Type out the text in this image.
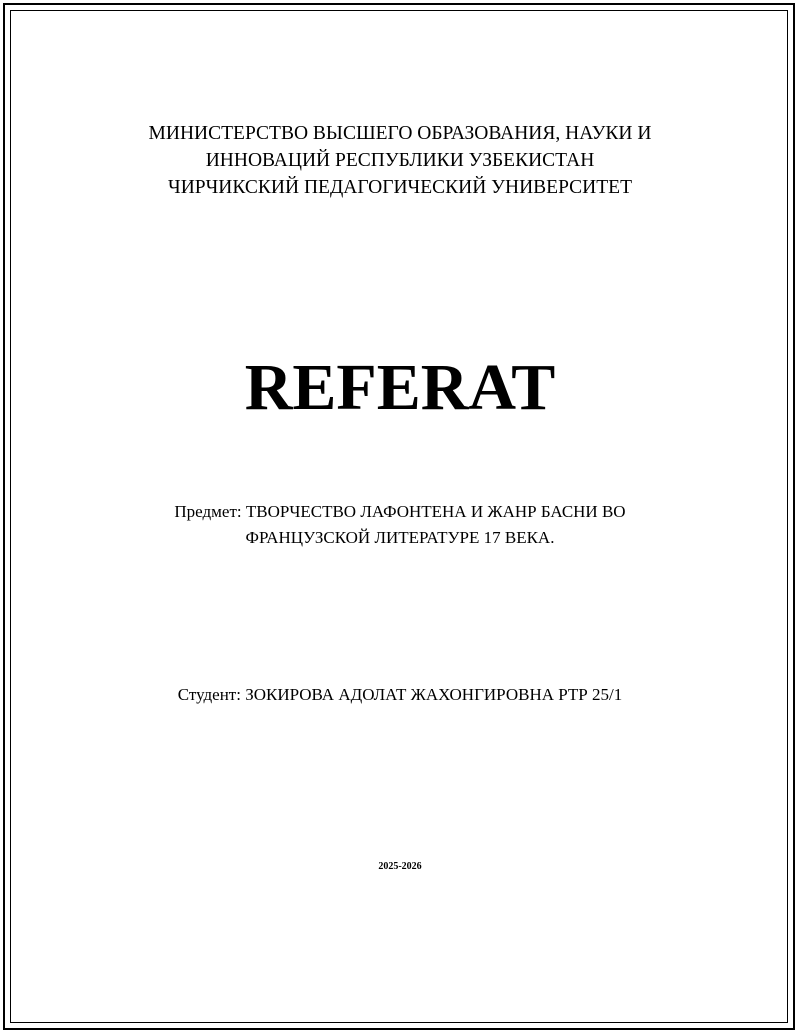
МИНИСТЕРСТВО ВЫСШЕГО ОБРАЗОВАНИЯ, НАУКИ И
ИННОВАЦИЙ РЕСПУБЛИКИ УЗБЕКИСТАН
ЧИРЧИКСКИЙ ПЕДАГОГИЧЕСКИЙ УНИВЕРСИТЕТ
REFERAT
Предмет: ТВОРЧЕСТВО ЛАФОНТЕНА И ЖАНР БАСНИ ВО
ФРАНЦУЗСКОЙ ЛИТЕРАТУРЕ 17 ВЕКА.
Студент: ЗОКИРОВА АДОЛАТ ЖАХОНГИРОВНА РТР 25/1
2025-2026
